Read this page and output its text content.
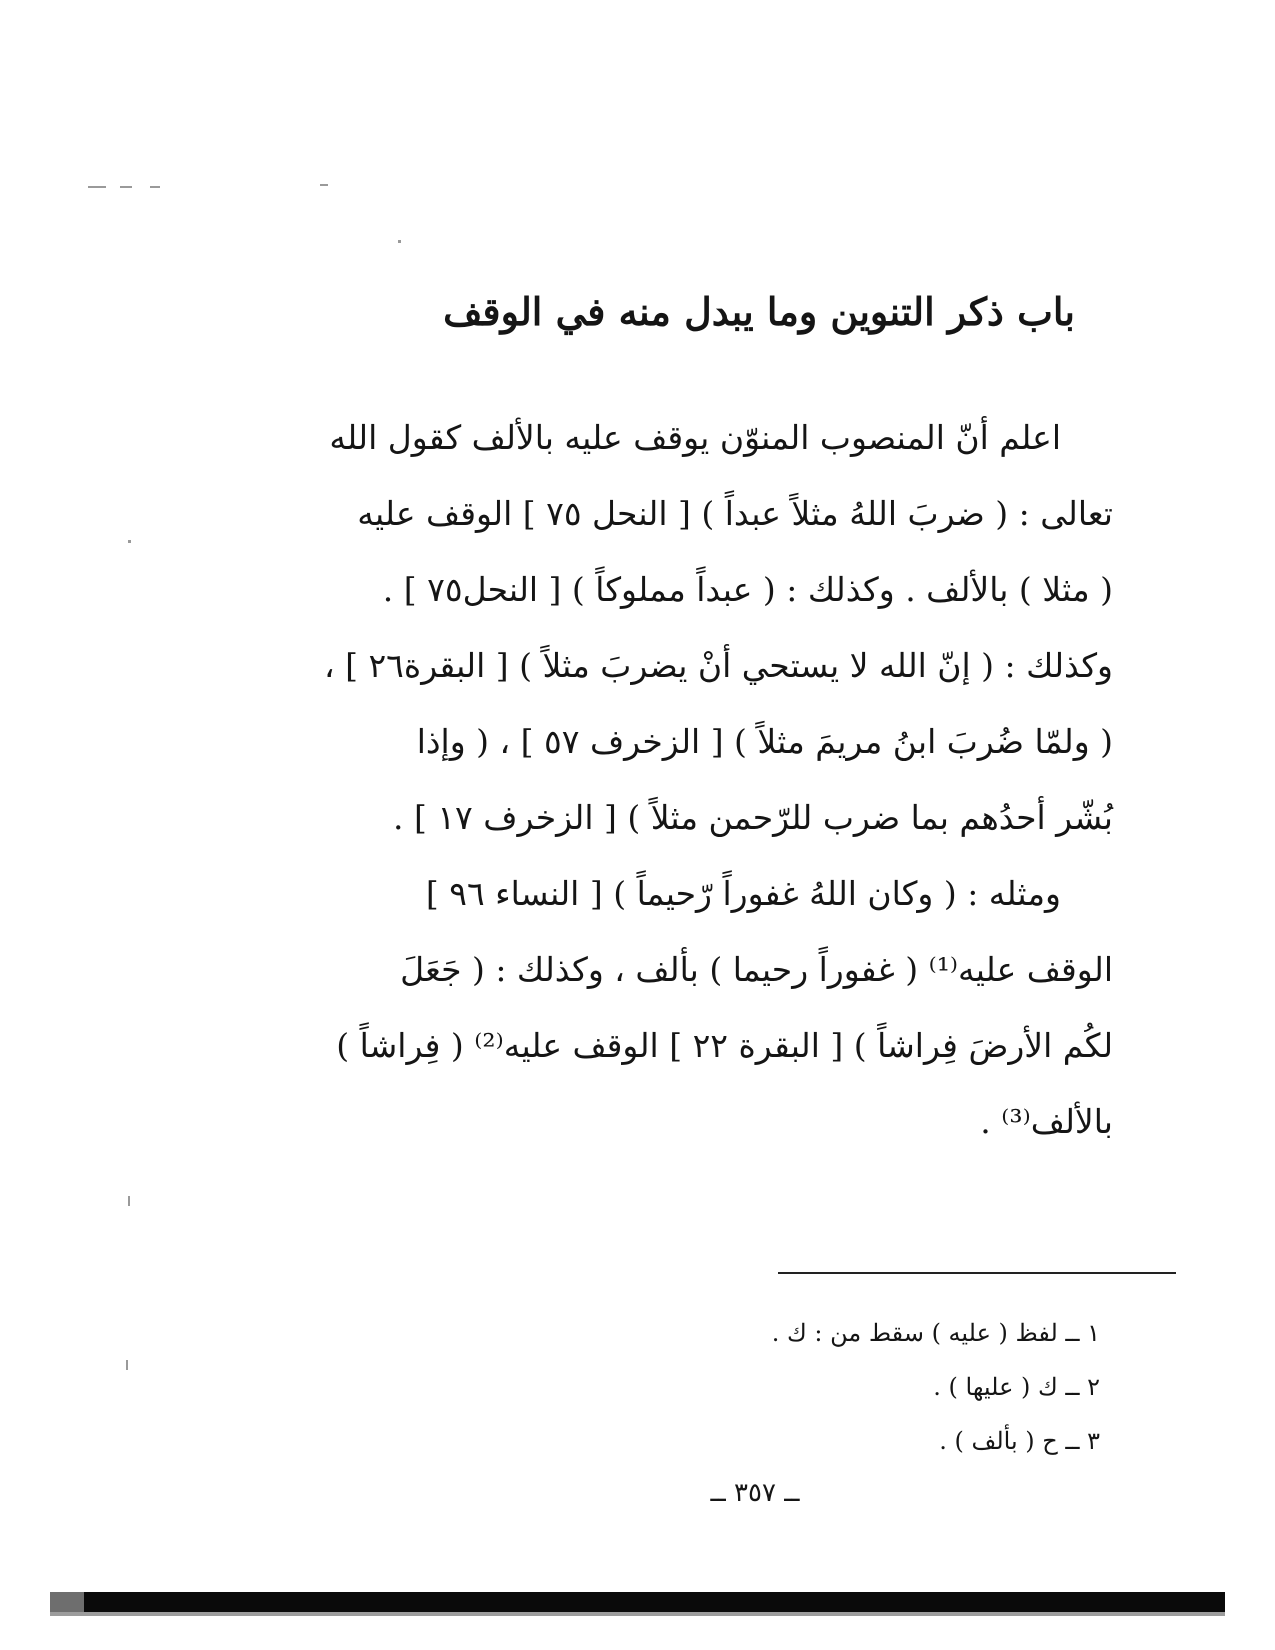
باب ذكر التنوين وما يبدل منه في الوقف
اعلم أنّ المنصوب المنوّن يوقف عليه بالألف كقول الله
تعالى : ( ضربَ اللهُ مثلاً عبداً ) [ النحل ٧٥ ] الوقف عليه
( مثلا ) بالألف . وكذلك : ( عبداً مملوكاً ) [ النحل٧٥ ] .
وكذلك : ( إنّ الله لا يستحي أنْ يضربَ مثلاً ) [ البقرة٢٦ ] ،
( ولمّا ضُربَ ابنُ مريمَ مثلاً ) [ الزخرف ٥٧ ] ، ( وإذا
بُشّر أحدُهم بما ضرب للرّحمن مثلاً ) [ الزخرف ١٧ ] .
ومثله : ( وكان اللهُ غفوراً رّحيماً ) [ النساء ٩٦ ]
الوقف عليه⁽¹⁾ ( غفوراً رحيما ) بألف ، وكذلك : ( جَعَلَ
لكُم الأرضَ فِراشاً ) [ البقرة ٢٢ ] الوقف عليه⁽²⁾ ( فِراشاً )
بالألف⁽³⁾ .
١ ــ لفظ ( عليه ) سقط من : ك .
٢ ــ ك ( عليها ) .
٣ ــ ح ( بألف ) .
ــ ٣٥٧ ــ
